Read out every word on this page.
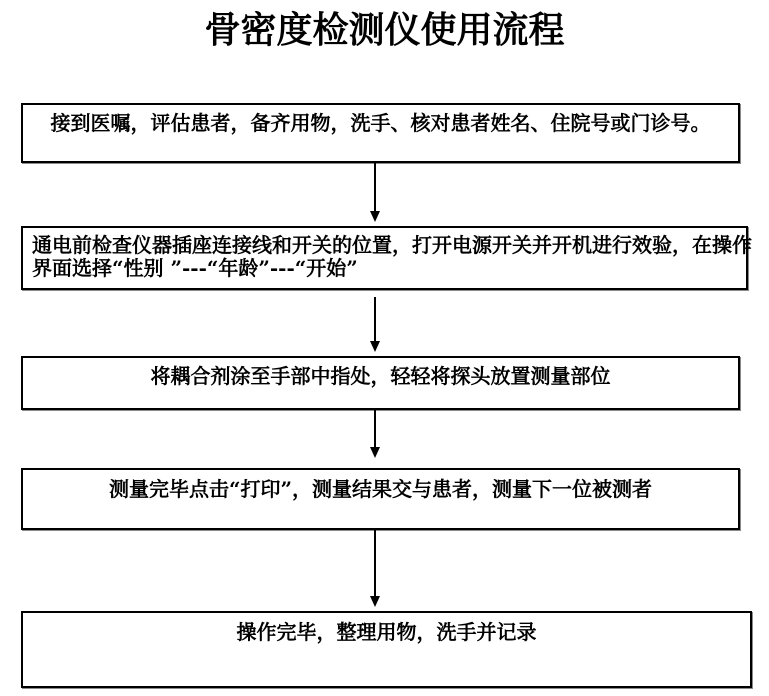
骨密度检测仪使用流程
接到医嘱，评估患者，备齐用物，洗手、核对患者姓名、住院号或门诊号。
通电前检查仪器插座连接线和开关的位置，打开电源开关并开机进行效验，在操作
界面选择“性别 ”---“年龄”---“开始”
将耦合剂涂至手部中指处，轻轻将探头放置测量部位
测量完毕点击“打印”，测量结果交与患者，测量下一位被测者
操作完毕，整理用物，洗手并记录
